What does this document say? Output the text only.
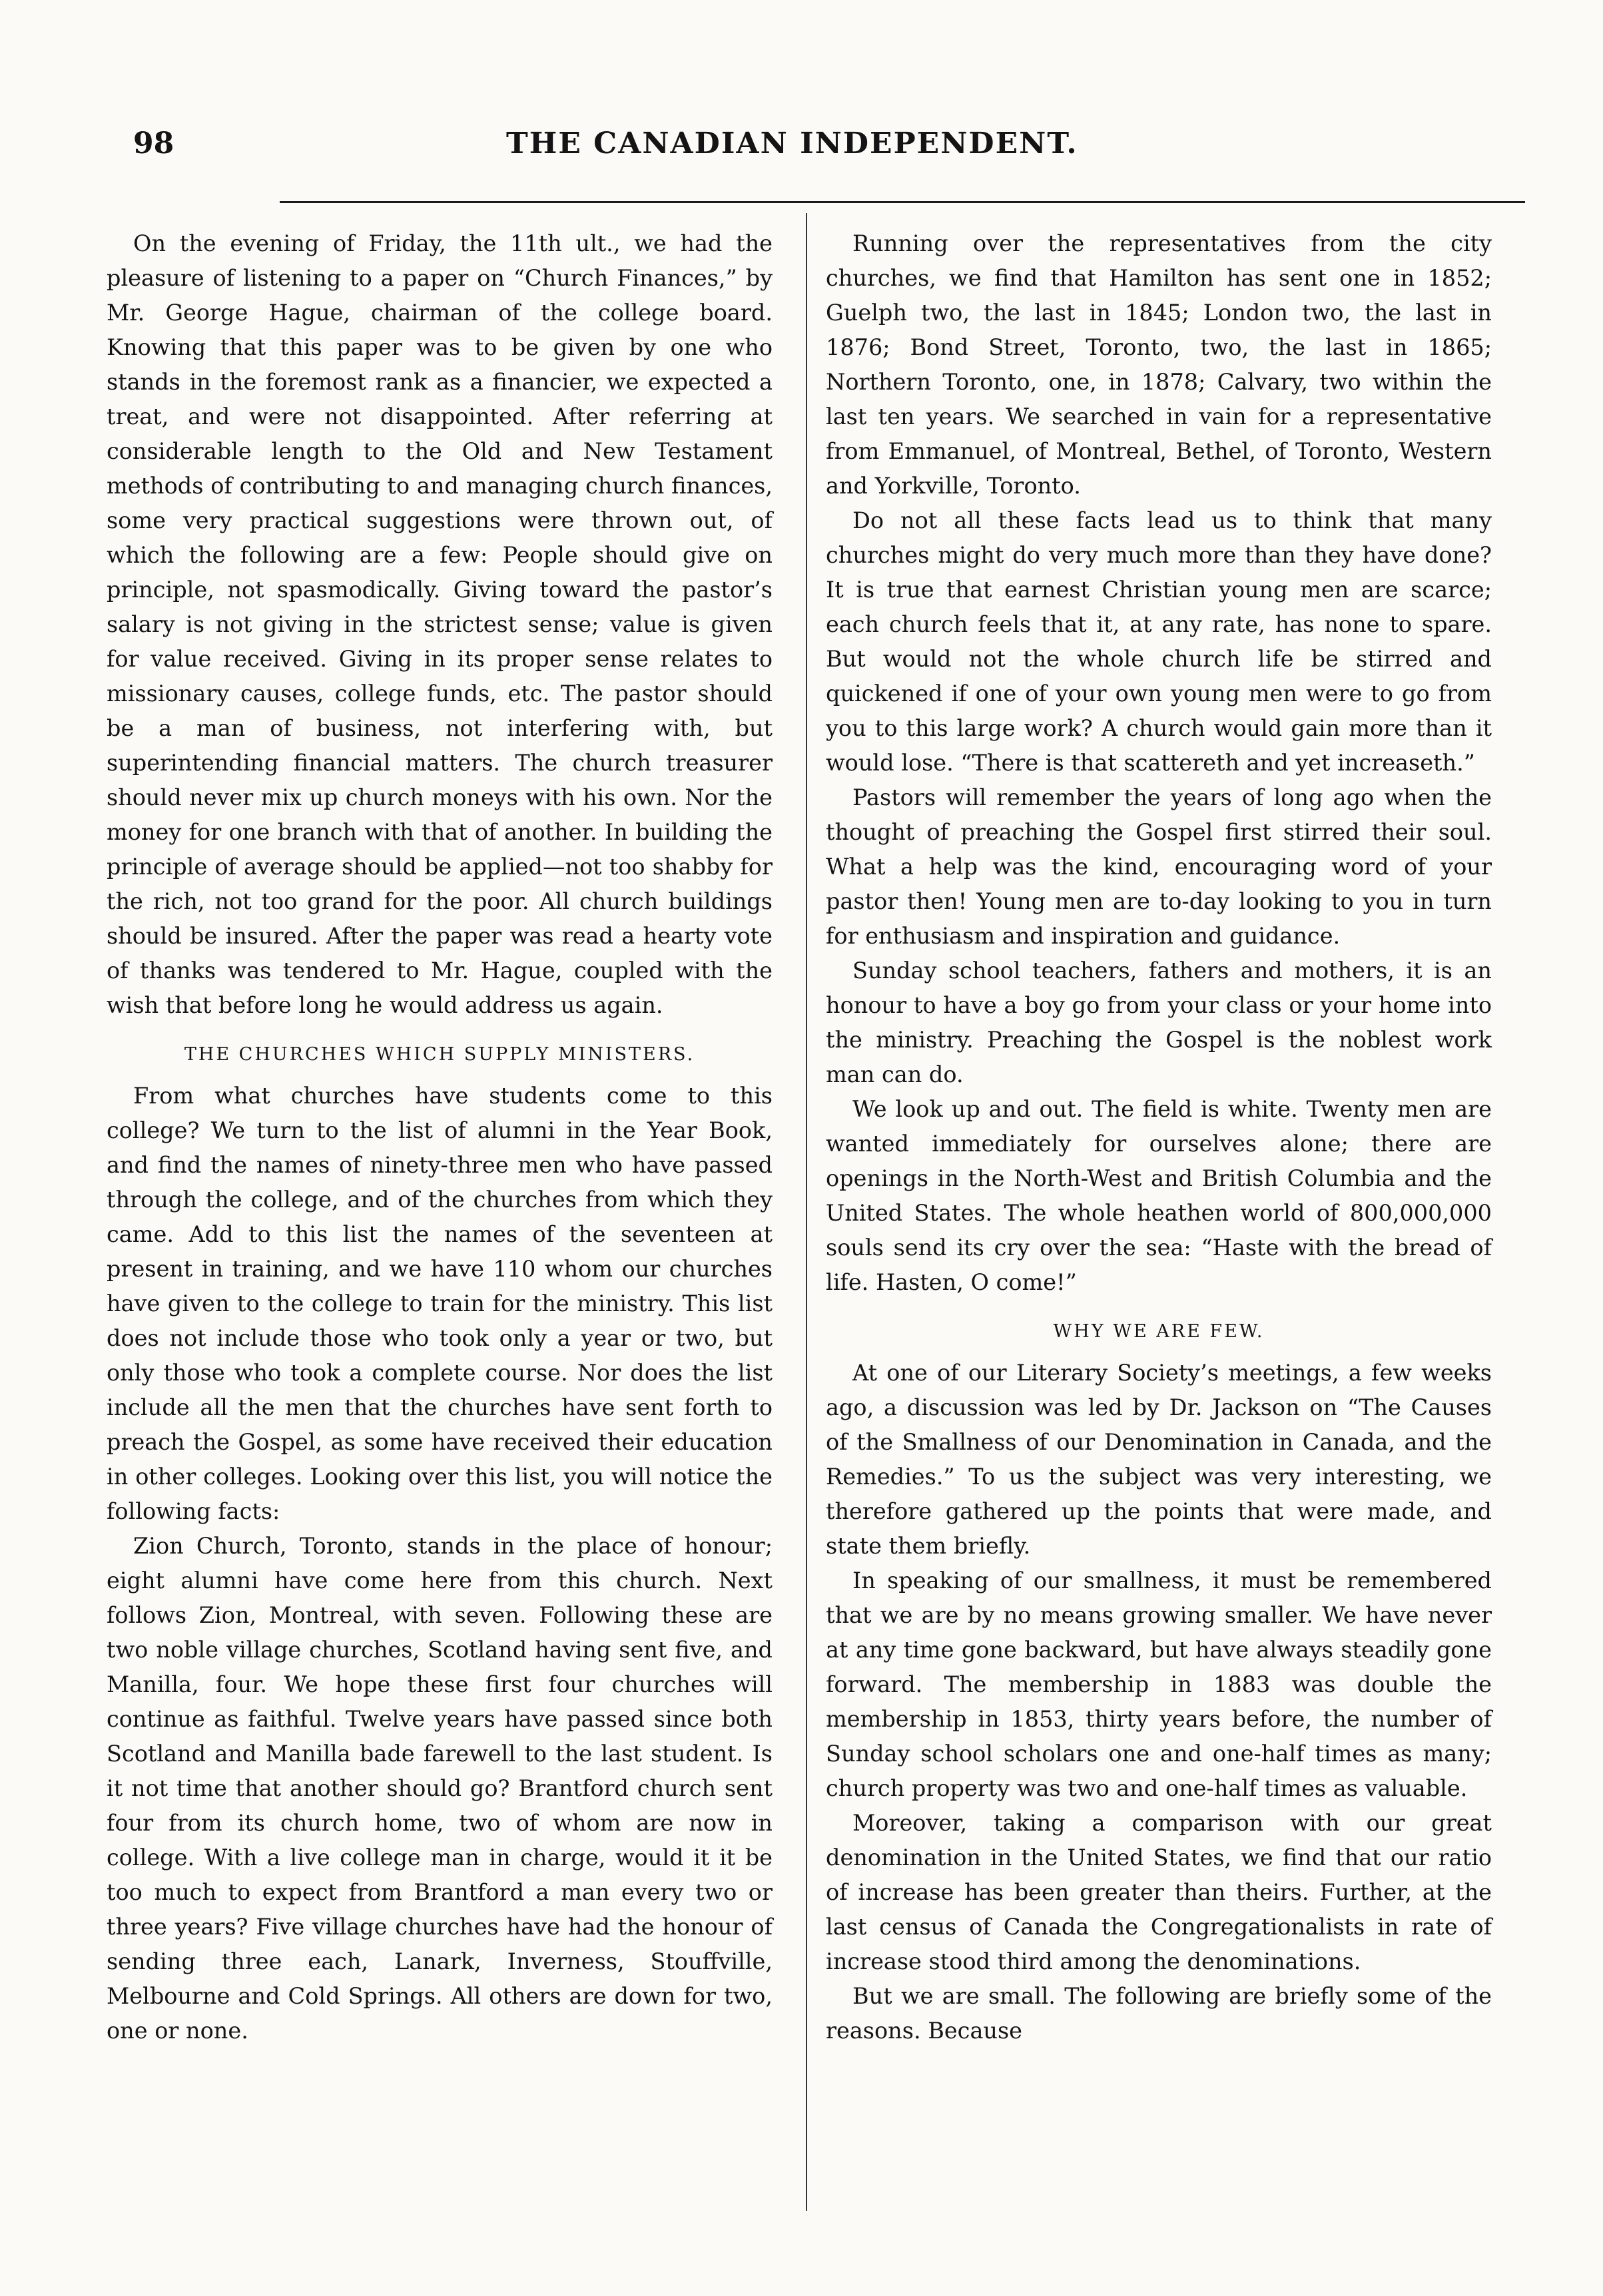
98	THE CANADIAN INDEPENDENT.

On the evening of Friday, the 11th ult., we had the pleasure of listening to a paper on “Church Finances,” by Mr. George Hague, chairman of the college board. Knowing that this paper was to be given by one who stands in the foremost rank as a financier, we expected a treat, and were not disappointed. After referring at considerable length to the Old and New Testament methods of contributing to and managing church finances, some very practical suggestions were thrown out, of which the following are a few: People should give on principle, not spasmodically. Giving toward the pastor’s salary is not giving in the strictest sense; value is given for value received. Giving in its proper sense relates to missionary causes, college funds, etc. The pastor should be a man of business, not interfering with, but superintending financial matters. The church treasurer should never mix up church moneys with his own. Nor the money for one branch with that of another. In building the principle of average should be applied—not too shabby for the rich, not too grand for the poor. All church buildings should be insured. After the paper was read a hearty vote of thanks was tendered to Mr. Hague, coupled with the wish that before long he would address us again.

THE CHURCHES WHICH SUPPLY MINISTERS.

From what churches have students come to this college? We turn to the list of alumni in the Year Book, and find the names of ninety-three men who have passed through the college, and of the churches from which they came. Add to this list the names of the seventeen at present in training, and we have 110 whom our churches have given to the college to train for the ministry. This list does not include those who took only a year or two, but only those who took a complete course. Nor does the list include all the men that the churches have sent forth to preach the Gospel, as some have received their education in other colleges. Looking over this list, you will notice the following facts:

Zion Church, Toronto, stands in the place of honour; eight alumni have come here from this church. Next follows Zion, Montreal, with seven. Following these are two noble village churches, Scotland having sent five, and Manilla, four. We hope these first four churches will continue as faithful. Twelve years have passed since both Scotland and Manilla bade farewell to the last student. Is it not time that another should go? Brantford church sent four from its church home, two of whom are now in college. With a live college man in charge, would it it be too much to expect from Brantford a man every two or three years? Five village churches have had the honour of sending three each, Lanark, Inverness, Stouffville, Melbourne and Cold Springs. All others are down for two, one or none.

Running over the representatives from the city churches, we find that Hamilton has sent one in 1852; Guelph two, the last in 1845; London two, the last in 1876; Bond Street, Toronto, two, the last in 1865; Northern Toronto, one, in 1878; Calvary, two within the last ten years. We searched in vain for a representative from Emmanuel, of Montreal, Bethel, of Toronto, Western and Yorkville, Toronto.

Do not all these facts lead us to think that many churches might do very much more than they have done? It is true that earnest Christian young men are scarce; each church feels that it, at any rate, has none to spare. But would not the whole church life be stirred and quickened if one of your own young men were to go from you to this large work? A church would gain more than it would lose. “There is that scattereth and yet increaseth.”

Pastors will remember the years of long ago when the thought of preaching the Gospel first stirred their soul. What a help was the kind, encouraging word of your pastor then! Young men are to-day looking to you in turn for enthusiasm and inspiration and guidance.

Sunday school teachers, fathers and mothers, it is an honour to have a boy go from your class or your home into the ministry. Preaching the Gospel is the noblest work man can do.

We look up and out. The field is white. Twenty men are wanted immediately for ourselves alone; there are openings in the North-West and British Columbia and the United States. The whole heathen world of 800,000,000 souls send its cry over the sea: “Haste with the bread of life. Hasten, O come!”

WHY WE ARE FEW.

At one of our Literary Society’s meetings, a few weeks ago, a discussion was led by Dr. Jackson on “The Causes of the Smallness of our Denomination in Canada, and the Remedies.” To us the subject was very interesting, we therefore gathered up the points that were made, and state them briefly.

In speaking of our smallness, it must be remembered that we are by no means growing smaller. We have never at any time gone backward, but have always steadily gone forward. The membership in 1883 was double the membership in 1853, thirty years before, the number of Sunday school scholars one and one-half times as many; church property was two and one-half times as valuable.

Moreover, taking a comparison with our great denomination in the United States, we find that our ratio of increase has been greater than theirs. Further, at the last census of Canada the Congregationalists in rate of increase stood third among the denominations.

But we are small. The following are briefly some of the reasons. Because
